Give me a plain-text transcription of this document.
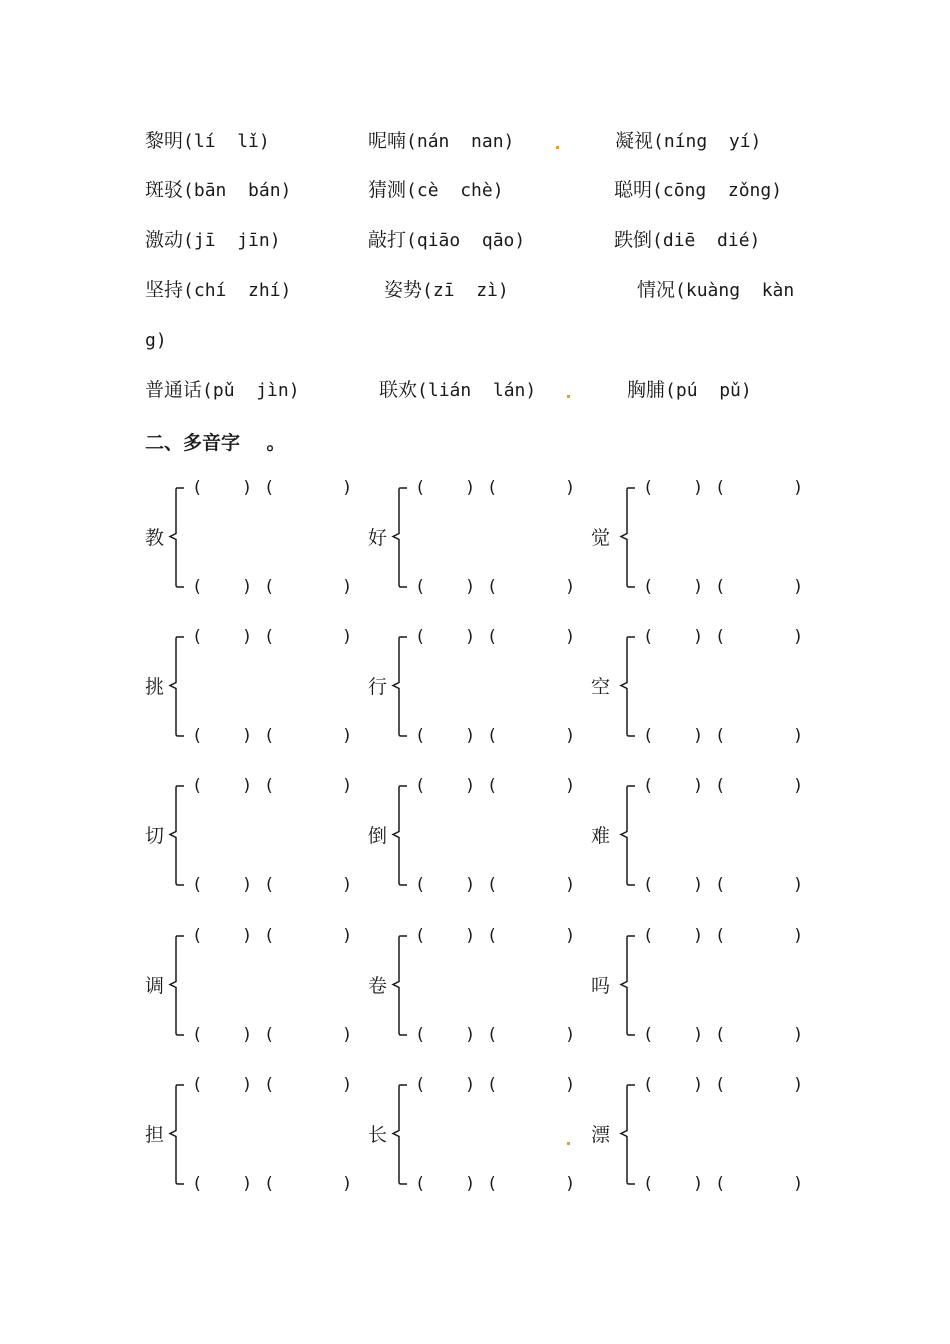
黎明(lí  lǐ)	呢喃(nán  nan)	凝视(níng  yí)
斑驳(bān  bán)	猜测(cè  chè)	聪明(cōng  zǒng)
激动(jī  jīn)	敲打(qiāo  qāo)	跌倒(diē  dié)
坚持(chí  zhí)	姿势(zī  zì)	情况(kuàng  kàn
g)
普通话(pǔ  jìn)	联欢(lián  lán)	胸脯(pú  pǔ)
二、多音字    。
教
( ) (	)
( ) (	)
好
( ) (	)
( ) (	)
觉
( ) (	)
( ) (	)
挑
( ) (	)
( ) (	)
行
( ) (	)
( ) (	)
空
( ) (	)
( ) (	)
切
( ) (	)
( ) (	)
倒
( ) (	)
( ) (	)
难
( ) (	)
( ) (	)
调
( ) (	)
( ) (	)
卷
( ) (	)
( ) (	)
吗
( ) (	)
( ) (	)
担
( ) (	)
( ) (	)
长
( ) (	)
( ) (	)
漂
( ) (	)
( ) (	)
